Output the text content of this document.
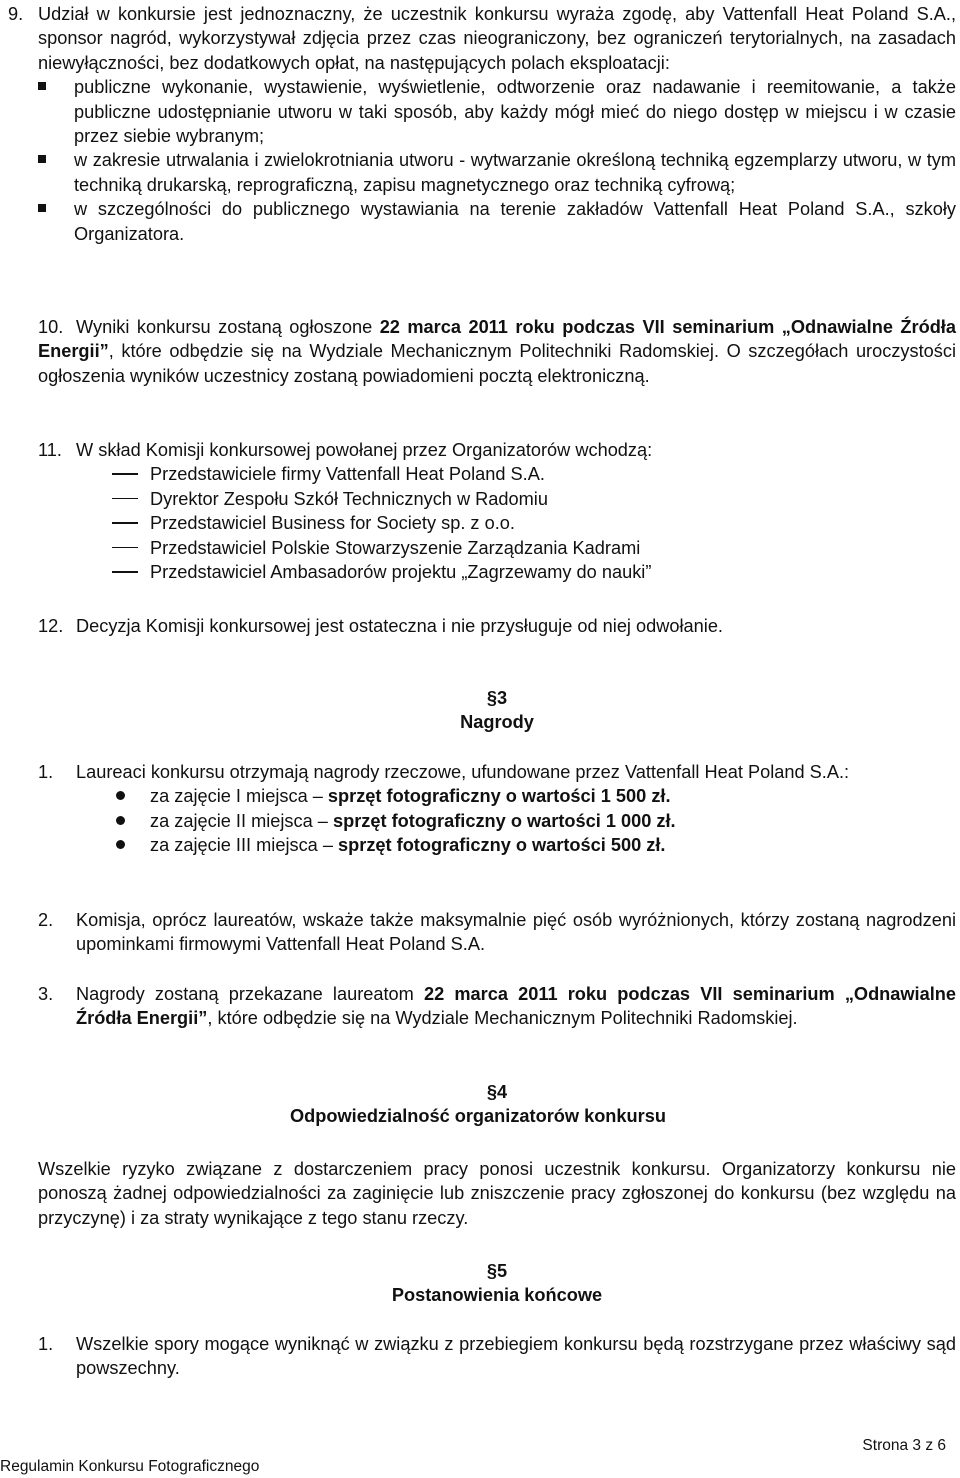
9. Udział w konkursie jest jednoznaczny, że uczestnik konkursu wyraża zgodę, aby Vattenfall Heat Poland S.A., sponsor nagród, wykorzystywał zdjęcia przez czas nieograniczony, bez ograniczeń terytorialnych, na zasadach niewyłączności, bez dodatkowych opłat, na następujących polach eksploatacji:
publiczne wykonanie, wystawienie, wyświetlenie, odtworzenie oraz nadawanie i reemitowanie, a także publiczne udostępnianie utworu w taki sposób, aby każdy mógł mieć do niego dostęp w miejscu i w czasie przez siebie wybranym;
w zakresie utrwalania i zwielokrotniania utworu - wytwarzanie określoną techniką egzemplarzy utworu, w tym techniką drukarską, reprograficzną, zapisu magnetycznego oraz techniką cyfrową;
w szczególności do publicznego wystawiania na terenie zakładów Vattenfall Heat Poland S.A., szkoły Organizatora.
10. Wyniki konkursu zostaną ogłoszone 22 marca 2011 roku podczas VII seminarium „Odnawialne Źródła Energii”, które odbędzie się na Wydziale Mechanicznym Politechniki Radomskiej. O szczegółach uroczystości ogłoszenia wyników uczestnicy zostaną powiadomieni pocztą elektroniczną.
11. W skład Komisji konkursowej powołanej przez Organizatorów wchodzą:
Przedstawiciele firmy Vattenfall Heat Poland S.A.
Dyrektor Zespołu Szkół Technicznych w Radomiu
Przedstawiciel Business for Society sp. z o.o.
Przedstawiciel Polskie Stowarzyszenie Zarządzania Kadrami
Przedstawiciel Ambasadorów projektu „Zagrzewamy do nauki”
12. Decyzja Komisji konkursowej jest ostateczna i nie przysługuje od niej odwołanie.
§3
Nagrody
1. Laureaci konkursu otrzymają nagrody rzeczowe, ufundowane przez Vattenfall Heat Poland S.A.:
za zajęcie I miejsca – sprzęt fotograficzny o wartości 1 500 zł.
za zajęcie II miejsca – sprzęt fotograficzny o wartości 1 000 zł.
za zajęcie III miejsca – sprzęt fotograficzny o wartości 500 zł.
2. Komisja, oprócz laureatów, wskaże także maksymalnie pięć osób wyróżnionych, którzy zostaną nagrodzeni upominkami firmowymi Vattenfall Heat Poland S.A.
3. Nagrody zostaną przekazane laureatom 22 marca 2011 roku podczas VII seminarium „Odnawialne Źródła Energii”, które odbędzie się na Wydziale Mechanicznym Politechniki Radomskiej.
§4
Odpowiedzialność organizatorów konkursu
Wszelkie ryzyko związane z dostarczeniem pracy ponosi uczestnik konkursu. Organizatorzy konkursu nie ponoszą żadnej odpowiedzialności za zaginięcie lub zniszczenie pracy zgłoszonej do konkursu (bez względu na przyczynę) i za straty wynikające z tego stanu rzeczy.
§5
Postanowienia końcowe
1. Wszelkie spory mogące wyniknąć w związku z przebiegiem konkursu będą rozstrzygane przez właściwy sąd powszechny.
Strona 3 z 6
Regulamin Konkursu Fotograficznego
